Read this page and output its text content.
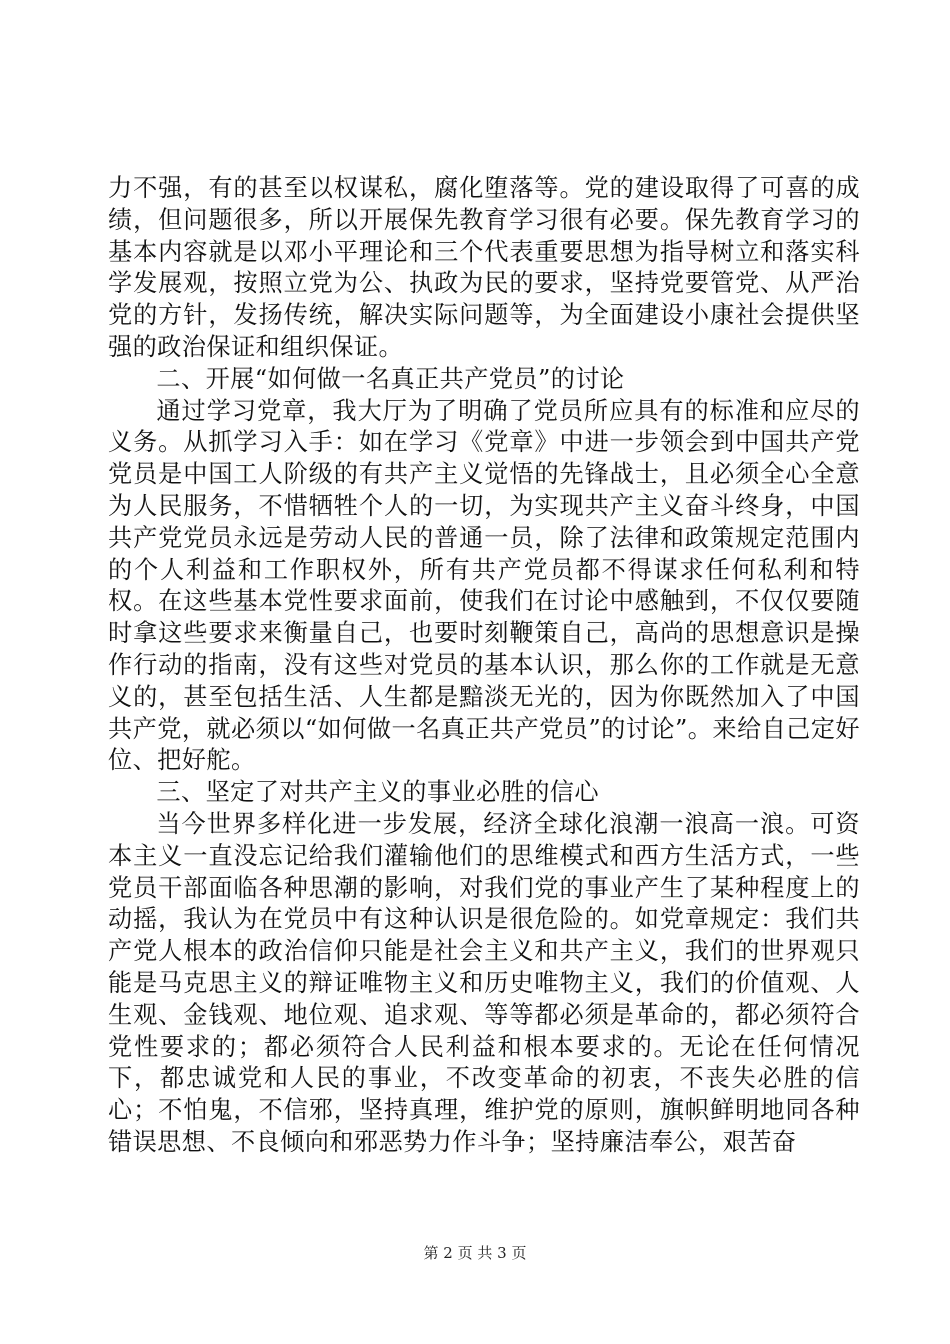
力不强，有的甚至以权谋私，腐化堕落等。党的建设取得了可喜的成绩，但问题很多，所以开展保先教育学习很有必要。保先教育学习的基本内容就是以邓小平理论和三个代表重要思想为指导树立和落实科学发展观，按照立党为公、执政为民的要求，坚持党要管党、从严治党的方针，发扬传统，解决实际问题等，为全面建设小康社会提供坚强的政治保证和组织保证。

二、开展“如何做一名真正共产党员”的讨论

通过学习党章，我大厅为了明确了党员所应具有的标准和应尽的义务。从抓学习入手：如在学习《党章》中进一步领会到中国共产党党员是中国工人阶级的有共产主义觉悟的先锋战士，且必须全心全意为人民服务，不惜牺牲个人的一切，为实现共产主义奋斗终身，中国共产党党员永远是劳动人民的普通一员，除了法律和政策规定范围内的个人利益和工作职权外，所有共产党员都不得谋求任何私利和特权。在这些基本党性要求面前，使我们在讨论中感触到，不仅仅要随时拿这些要求来衡量自己，也要时刻鞭策自己，高尚的思想意识是操作行动的指南，没有这些对党员的基本认识，那么你的工作就是无意义的，甚至包括生活、人生都是黯淡无光的，因为你既然加入了中国共产党，就必须以“如何做一名真正共产党员”的讨论”。来给自己定好位、把好舵。

三、坚定了对共产主义的事业必胜的信心

当今世界多样化进一步发展，经济全球化浪潮一浪高一浪。可资本主义一直没忘记给我们灌输他们的思维模式和西方生活方式，一些党员干部面临各种思潮的影响，对我们党的事业产生了某种程度上的动摇，我认为在党员中有这种认识是很危险的。如党章规定：我们共产党人根本的政治信仰只能是社会主义和共产主义，我们的世界观只能是马克思主义的辩证唯物主义和历史唯物主义，我们的价值观、人生观、金钱观、地位观、追求观、等等都必须是革命的，都必须符合党性要求的；都必须符合人民利益和根本要求的。无论在任何情况下，都忠诚党和人民的事业，不改变革命的初衷，不丧失必胜的信心；不怕鬼，不信邪，坚持真理，维护党的原则，旗帜鲜明地同各种错误思想、不良倾向和邪恶势力作斗争；坚持廉洁奉公，艰苦奋

第 2 页 共 3 页
